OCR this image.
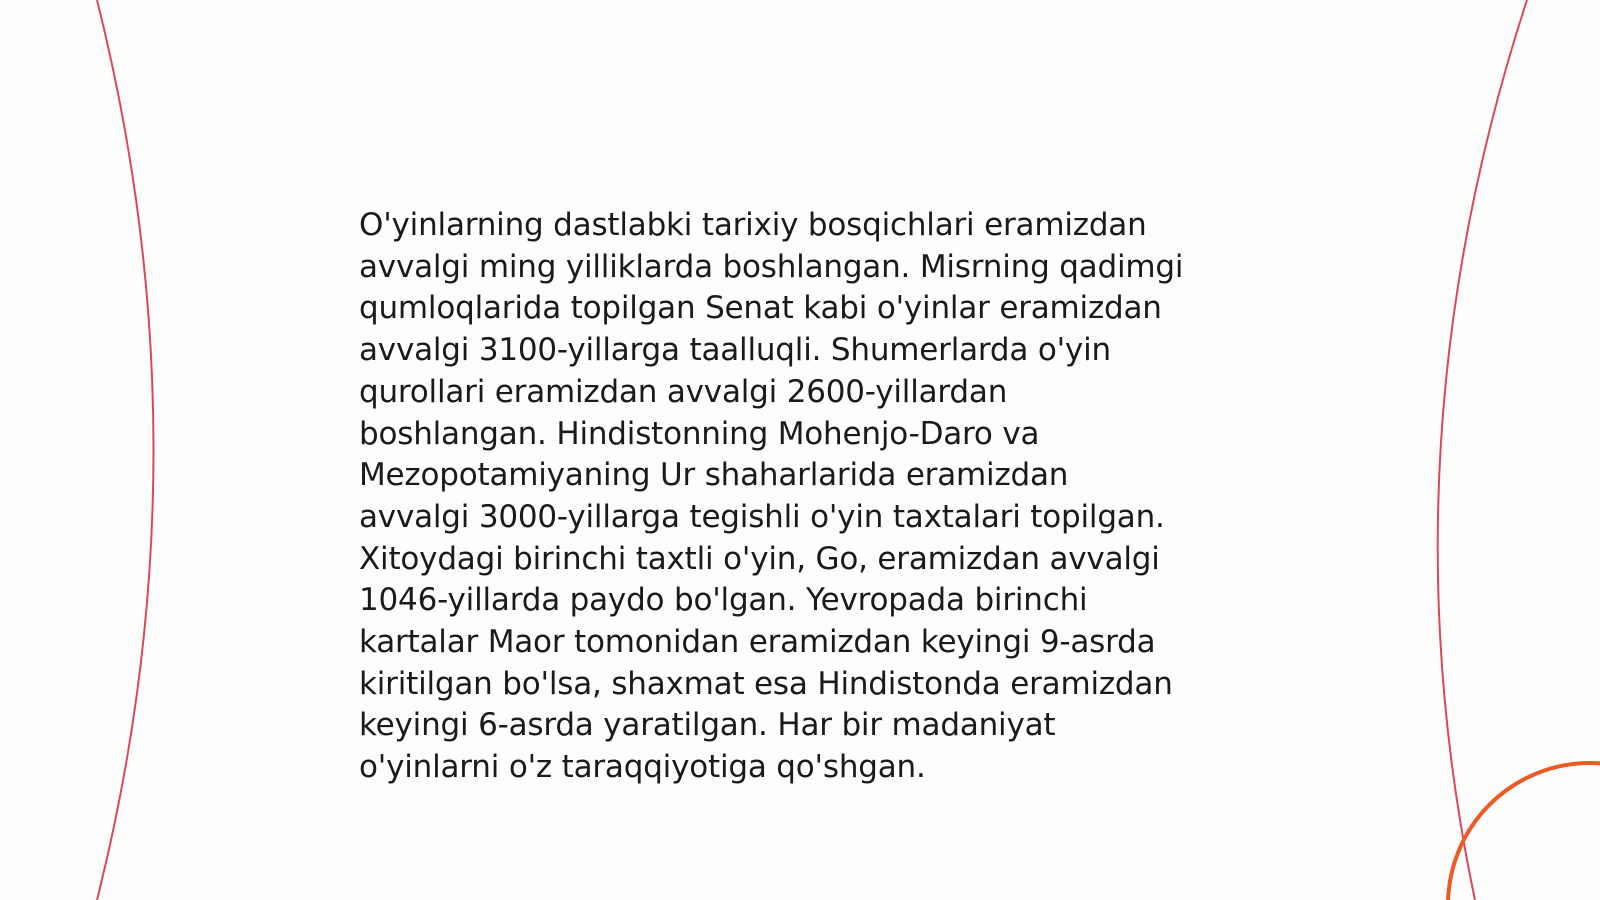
O'yinlarning dastlabki tarixiy bosqichlari eramizdan
avvalgi ming yilliklarda boshlangan. Misrning qadimgi
qumloqlarida topilgan Senat kabi o'yinlar eramizdan
avvalgi 3100-yillarga taalluqli. Shumerlarda o'yin
qurollari eramizdan avvalgi 2600-yillardan
boshlangan. Hindistonning Mohenjo-Daro va
Mezopotamiyaning Ur shaharlarida eramizdan
avvalgi 3000-yillarga tegishli o'yin taxtalari topilgan.
Xitoydagi birinchi taxtli o'yin, Go, eramizdan avvalgi
1046-yillarda paydo bo'lgan. Yevropada birinchi
kartalar Maor tomonidan eramizdan keyingi 9-asrda
kiritilgan bo'lsa, shaxmat esa Hindistonda eramizdan
keyingi 6-asrda yaratilgan. Har bir madaniyat
o'yinlarni o'z taraqqiyotiga qo'shgan.
